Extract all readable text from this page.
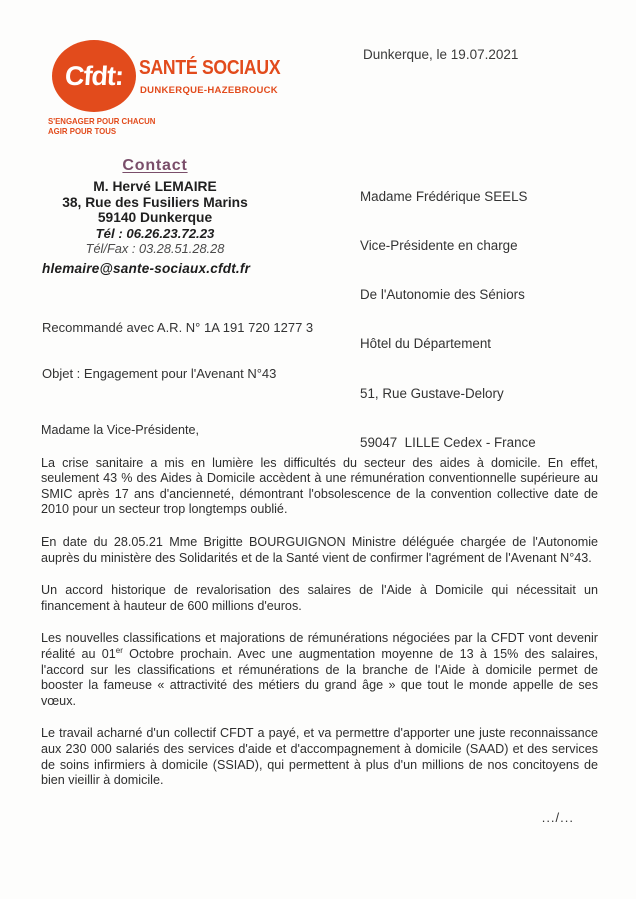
Cfdt: SANTÉ SOCIAUX
DUNKERQUE-HAZEBROUCK
S'ENGAGER POUR CHACUN
AGIR POUR TOUS
Dunkerque, le 19.07.2021
Contact
M. Hervé LEMAIRE
38, Rue des Fusiliers Marins
59140 Dunkerque
Tél : 06.26.23.72.23
Tél/Fax : 03.28.51.28.28
hlemaire@sante-sociaux.cfdt.fr

Madame Frédérique SEELS

Vice-Présidente en charge

De l'Autonomie des Séniors

Hôtel du Département

51, Rue Gustave-Delory

59047  LILLE Cedex - France

Recommandé avec A.R. N° 1A 191 720 1277 3
Objet : Engagement pour l'Avenant N°43

Madame la Vice-Présidente,

La crise sanitaire a mis en lumière les difficultés du secteur des aides à domicile. En effet, seulement 43 % des Aides à Domicile accèdent à une rémunération conventionnelle supérieure au SMIC après 17 ans d'ancienneté, démontrant l'obsolescence de la convention collective date de 2010 pour un secteur trop longtemps oublié.

En date du 28.05.21 Mme Brigitte BOURGUIGNON Ministre déléguée chargée de l'Autonomie auprès du ministère des Solidarités et de la Santé vient de confirmer l'agrément de l'Avenant N°43.

Un accord historique de revalorisation des salaires de l'Aide à Domicile qui nécessitait un financement à hauteur de 600 millions d'euros.

Les nouvelles classifications et majorations de rémunérations négociées par la CFDT vont devenir réalité au 01er Octobre prochain. Avec une augmentation moyenne de 13 à 15% des salaires, l'accord sur les classifications et rémunérations de la branche de l'Aide à domicile permet de booster la fameuse « attractivité des métiers du grand âge » que tout le monde appelle de ses vœux.

Le travail acharné d'un collectif CFDT a payé, et va permettre d'apporter une juste reconnaissance aux 230 000 salariés des services d'aide et d'accompagnement à domicile (SAAD) et des services de soins infirmiers à domicile (SSIAD), qui permettent à plus d'un millions de nos concitoyens de bien vieillir à domicile.

.../...
